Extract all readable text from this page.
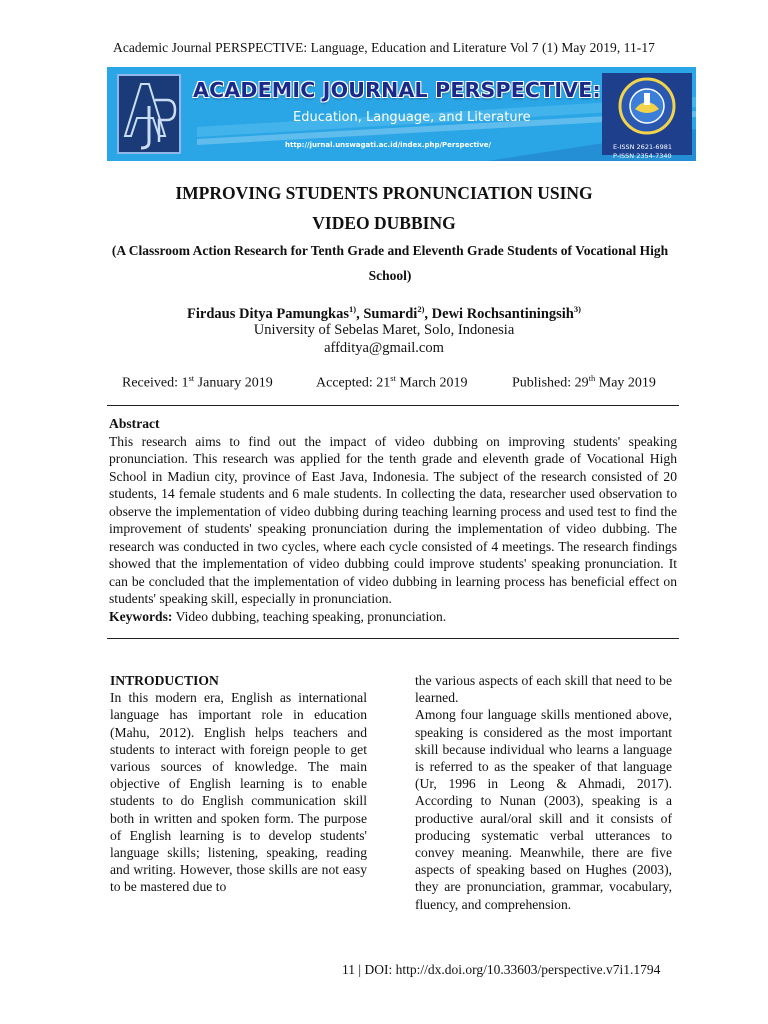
Academic Journal PERSPECTIVE: Language, Education and Literature Vol 7 (1) May 2019, 11-17
ACADEMIC JOURNAL PERSPECTIVE:
Education, Language, and Literature
http://jurnal.unswagati.ac.id/index.php/Perspective/	E-ISSN 2621-6981
P-ISSN 2354-7340
IMPROVING STUDENTS PRONUNCIATION USING
VIDEO DUBBING
(A Classroom Action Research for Tenth Grade and Eleventh Grade Students of Vocational High School)
Firdaus Ditya Pamungkas$^{1)}$, Sumardi$^{2)}$, Dewi Rochsantiningsih$^{3)}$
University of Sebelas Maret, Solo, Indonesia
affditya@gmail.com
Received: 1st January 2019	Accepted: 21st March 2019	Published: 29th May 2019
Abstract
This research aims to find out the impact of video dubbing on improving students' speaking pronunciation. This research was applied for the tenth grade and eleventh grade of Vocational High School in Madiun city, province of East Java, Indonesia. The subject of the research consisted of 20 students, 14 female students and 6 male students. In collecting the data, researcher used observation to observe the implementation of video dubbing during teaching learning process and used test to find the improvement of students' speaking pronunciation during the implementation of video dubbing. The research was conducted in two cycles, where each cycle consisted of 4 meetings. The research findings showed that the implementation of video dubbing could improve students' speaking pronunciation. It can be concluded that the implementation of video dubbing in learning process has beneficial effect on students' speaking skill, especially in pronunciation.
Keywords: Video dubbing, teaching speaking, pronunciation.
INTRODUCTION
In this modern era, English as international language has important role in education (Mahu, 2012). English helps teachers and students to interact with foreign people to get various sources of knowledge. The main objective of English learning is to enable students to do English communication skill both in written and spoken form. The purpose of English learning is to develop students' language skills; listening, speaking, reading and writing. However, those skills are not easy to be mastered due to
the various aspects of each skill that need to be learned.
Among four language skills mentioned above, speaking is considered as the most important skill because individual who learns a language is referred to as the speaker of that language (Ur, 1996 in Leong & Ahmadi, 2017). According to Nunan (2003), speaking is a productive aural/oral skill and it consists of producing systematic verbal utterances to convey meaning. Meanwhile, there are five aspects of speaking based on Hughes (2003), they are pronunciation, grammar, vocabulary, fluency, and comprehension.
11 | DOI: http://dx.doi.org/10.33603/perspective.v7i1.1794
